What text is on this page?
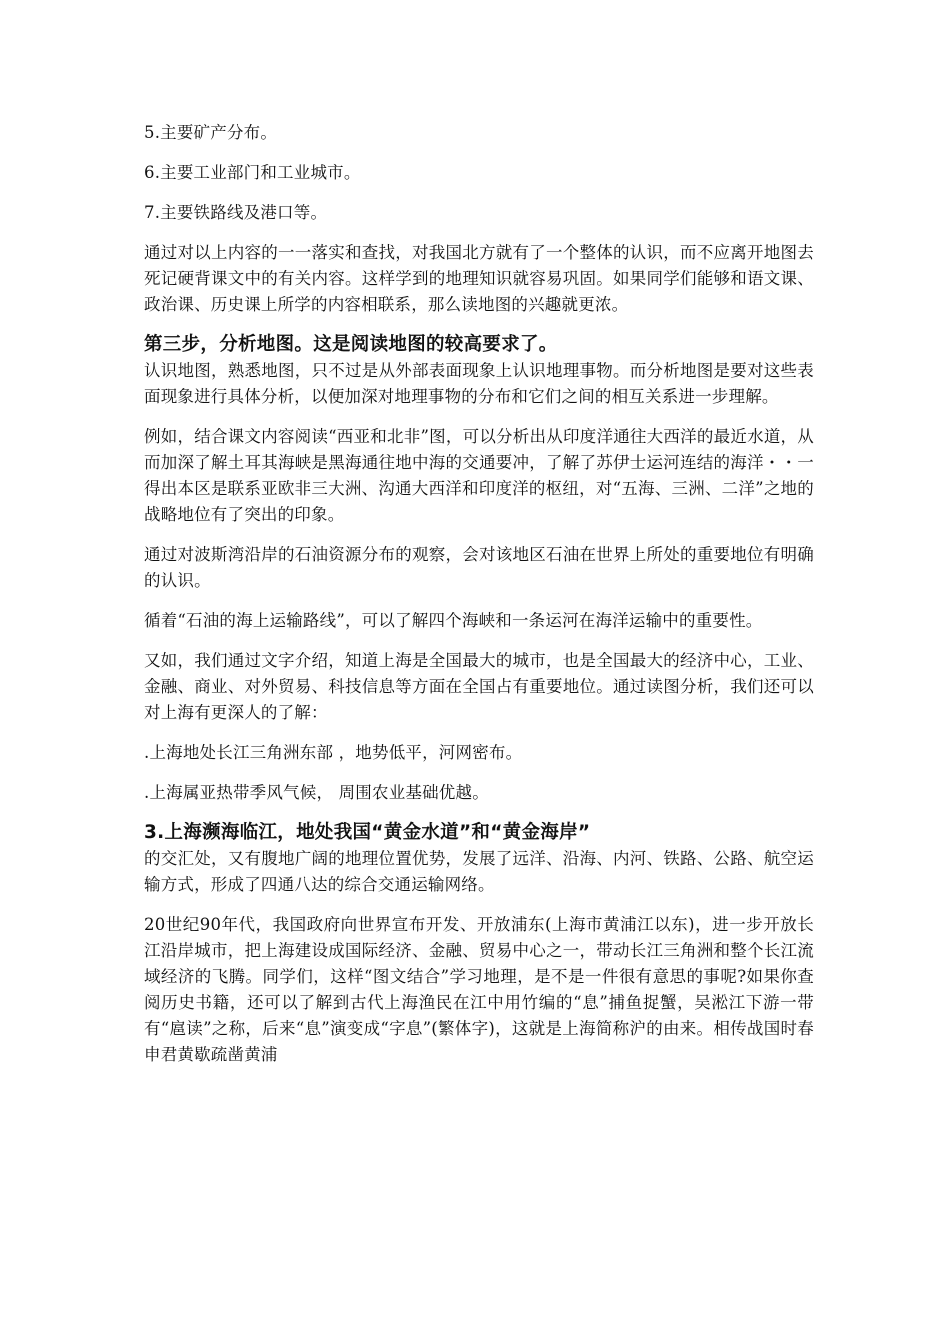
5.主要矿产分布。

6.主要工业部门和工业城市。

7.主要铁路线及港口等。

通过对以上内容的一一落实和查找，对我国北方就有了一个整体的认识，而不应离开地图去死记硬背课文中的有关内容。这样学到的地理知识就容易巩固。如果同学们能够和语文课、政治课、历史课上所学的内容相联系，那么读地图的兴趣就更浓。

第三步，分析地图。这是阅读地图的较高要求了。

认识地图，熟悉地图，只不过是从外部表面现象上认识地理事物。而分析地图是要对这些表面现象进行具体分析，以便加深对地理事物的分布和它们之间的相互关系进一步理解。

例如，结合课文内容阅读“西亚和北非”图，可以分析出从印度洋通往大西洋的最近水道，从而加深了解土耳其海峡是黑海通往地中海的交通要冲，了解了苏伊士运河连结的海洋・・一得出本区是联系亚欧非三大洲、沟通大西洋和印度洋的枢纽，对“五海、三洲、二洋”之地的战略地位有了突出的印象。

通过对波斯湾沿岸的石油资源分布的观察，会对该地区石油在世界上所处的重要地位有明确的认识。

循着“石油的海上运输路线”，可以了解四个海峡和一条运河在海洋运输中的重要性。

又如，我们通过文字介绍，知道上海是全国最大的城市，也是全国最大的经济中心，工业、金融、商业、对外贸易、科技信息等方面在全国占有重要地位。通过读图分析，我们还可以对上海有更深人的了解：

.上海地处长江三角洲东部 ，地势低平，河网密布。

.上海属亚热带季风气候， 周围农业基础优越。

3.上海濒海临江，地处我国“黄金水道”和“黄金海岸”

的交汇处，又有腹地广阔的地理位置优势，发展了远洋、沿海、内河、铁路、公路、航空运输方式，形成了四通八达的综合交通运输网络。

20世纪90年代，我国政府向世界宣布开发、开放浦东(上海市黄浦江以东)，进一步开放长江沿岸城市，把上海建设成国际经济、金融、贸易中心之一，带动长江三角洲和整个长江流域经济的飞腾。同学们，这样“图文结合”学习地理，是不是一件很有意思的事呢?如果你查阅历史书籍，还可以了解到古代上海渔民在江中用竹编的“息”捕鱼捉蟹，吴淞江下游一带有“扈读”之称，后来“息”演变成“字息”(繁体字)，这就是上海简称沪的由来。相传战国时春申君黄歇疏凿黄浦
